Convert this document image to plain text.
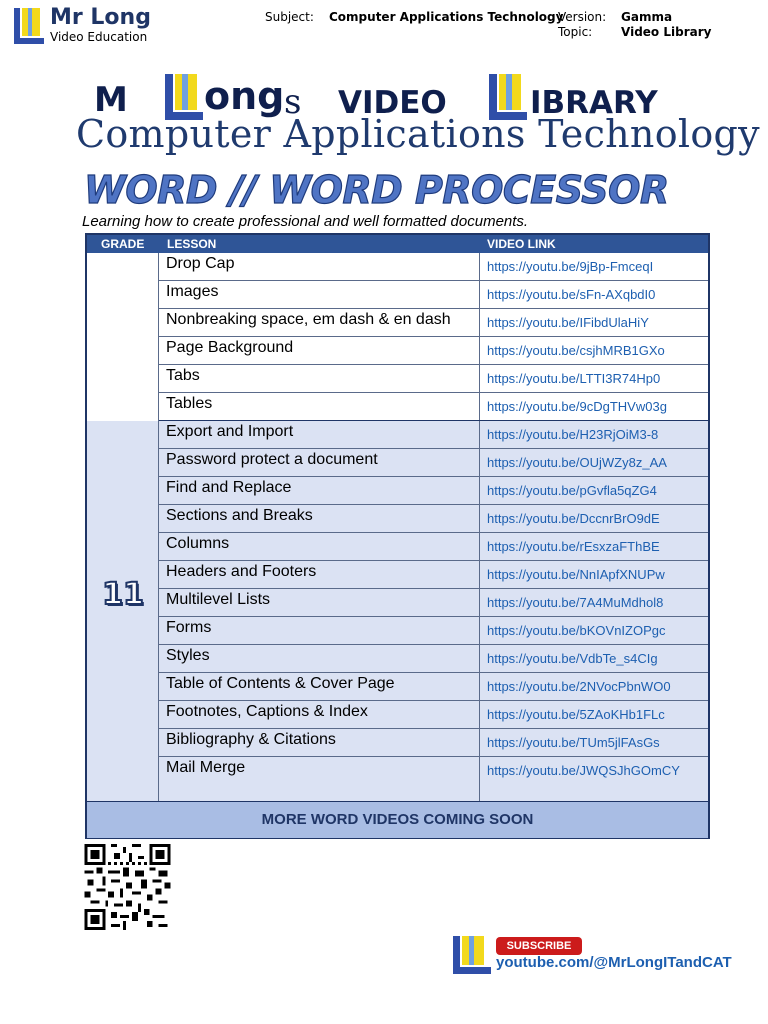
Mr Long
Video Education
Subject: Computer Applications Technology
Version: Gamma
Topic: Video Library
M ong s VIDEO	IBRARY
Computer Applications Technology
WORD // WORD PROCESSOR
Learning how to create professional and well formatted documents.
GRADE LESSON	VIDEO LINK
Drop Cap	https://youtu.be/9jBp-FmceqI
Images	https://youtu.be/sFn-AXqbdI0
Nonbreaking space, em dash & en dash	https://youtu.be/IFibdUlaHiY
Page Background	https://youtu.be/csjhMRB1GXo
Tabs	https://youtu.be/LTTI3R74Hp0
Tables	https://youtu.be/9cDgTHVw03g
11
Export and Import	https://youtu.be/H23RjOiM3-8
Password protect a document	https://youtu.be/OUjWZy8z_AA
Find and Replace	https://youtu.be/pGvfla5qZG4
Sections and Breaks	https://youtu.be/DccnrBrO9dE
Columns	https://youtu.be/rEsxzaFThBE
Headers and Footers	https://youtu.be/NnIApfXNUPw
Multilevel Lists	https://youtu.be/7A4MuMdhol8
Forms	https://youtu.be/bKOVnIZOPgc
Styles	https://youtu.be/VdbTe_s4CIg
Table of Contents & Cover Page	https://youtu.be/2NVocPbnWO0
Footnotes, Captions & Index	https://youtu.be/5ZAoKHb1FLc
Bibliography & Citations	https://youtu.be/TUm5jlFAsGs
Mail Merge	https://youtu.be/JWQSJhGOmCY
MORE WORD VIDEOS COMING SOON
SUBSCRIBE
youtube.com/@MrLongITandCAT
